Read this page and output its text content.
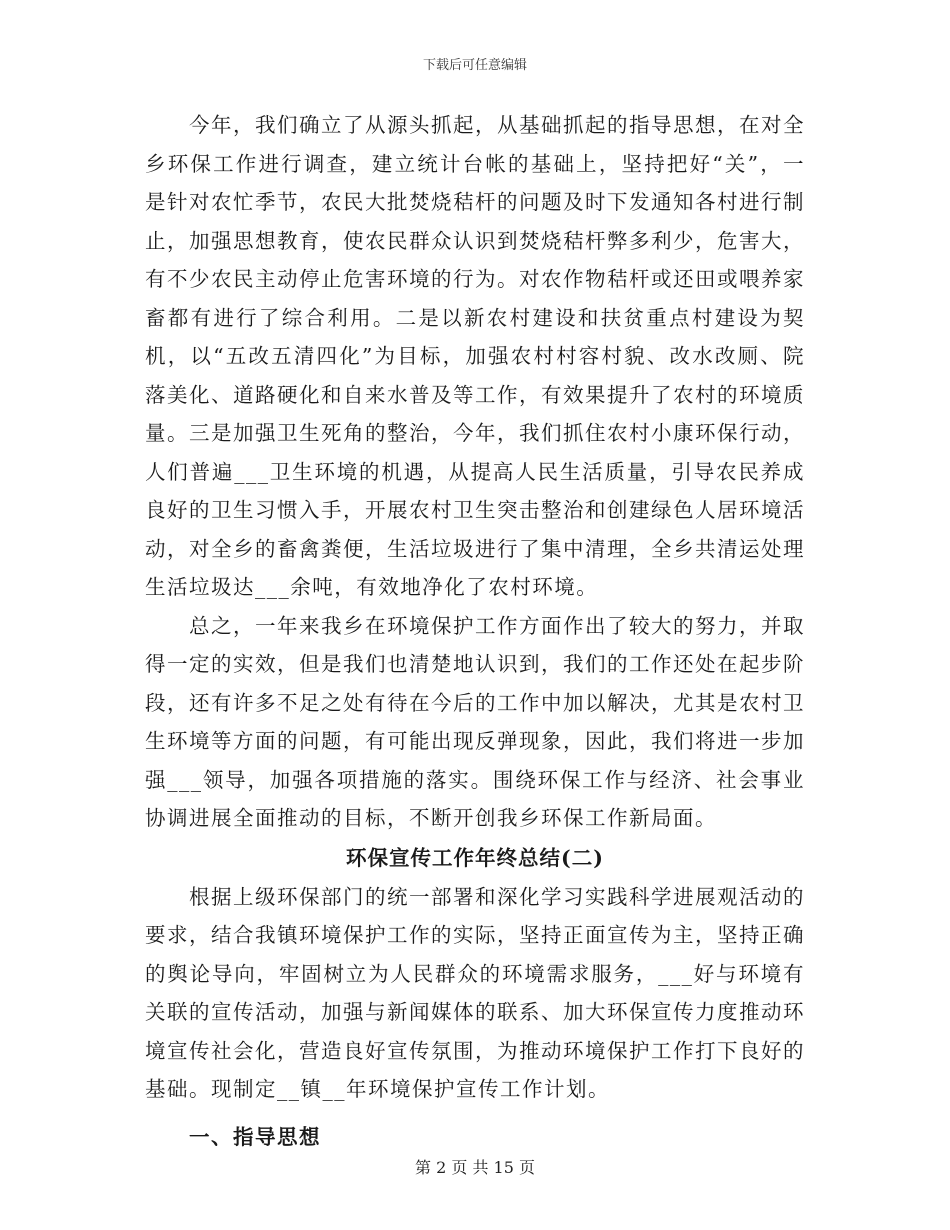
下载后可任意编辑

今年，我们确立了从源头抓起，从基础抓起的指导思想，在对全乡环保工作进行调查，建立统计台帐的基础上，坚持把好“关”，一是针对农忙季节，农民大批焚烧秸杆的问题及时下发通知各村进行制止，加强思想教育，使农民群众认识到焚烧秸杆弊多利少，危害大，有不少农民主动停止危害环境的行为。对农作物秸杆或还田或喂养家畜都有进行了综合利用。二是以新农村建设和扶贫重点村建设为契机，以“五改五清四化”为目标，加强农村村容村貌、改水改厕、院落美化、道路硬化和自来水普及等工作，有效果提升了农村的环境质量。三是加强卫生死角的整治，今年，我们抓住农村小康环保行动，人们普遍___卫生环境的机遇，从提高人民生活质量，引导农民养成良好的卫生习惯入手，开展农村卫生突击整治和创建绿色人居环境活动，对全乡的畜禽粪便，生活垃圾进行了集中清理，全乡共清运处理生活垃圾达___余吨，有效地净化了农村环境。

总之，一年来我乡在环境保护工作方面作出了较大的努力，并取得一定的实效，但是我们也清楚地认识到，我们的工作还处在起步阶段，还有许多不足之处有待在今后的工作中加以解决，尤其是农村卫生环境等方面的问题，有可能出现反弹现象，因此，我们将进一步加强___领导，加强各项措施的落实。围绕环保工作与经济、社会事业协调进展全面推动的目标，不断开创我乡环保工作新局面。

环保宣传工作年终总结(二)

根据上级环保部门的统一部署和深化学习实践科学进展观活动的要求，结合我镇环境保护工作的实际，坚持正面宣传为主，坚持正确的舆论导向，牢固树立为人民群众的环境需求服务，___好与环境有关联的宣传活动，加强与新闻媒体的联系、加大环保宣传力度推动环境宣传社会化，营造良好宣传氛围，为推动环境保护工作打下良好的基础。现制定__镇__年环境保护宣传工作计划。

一、指导思想

第 2 页 共 15 页
